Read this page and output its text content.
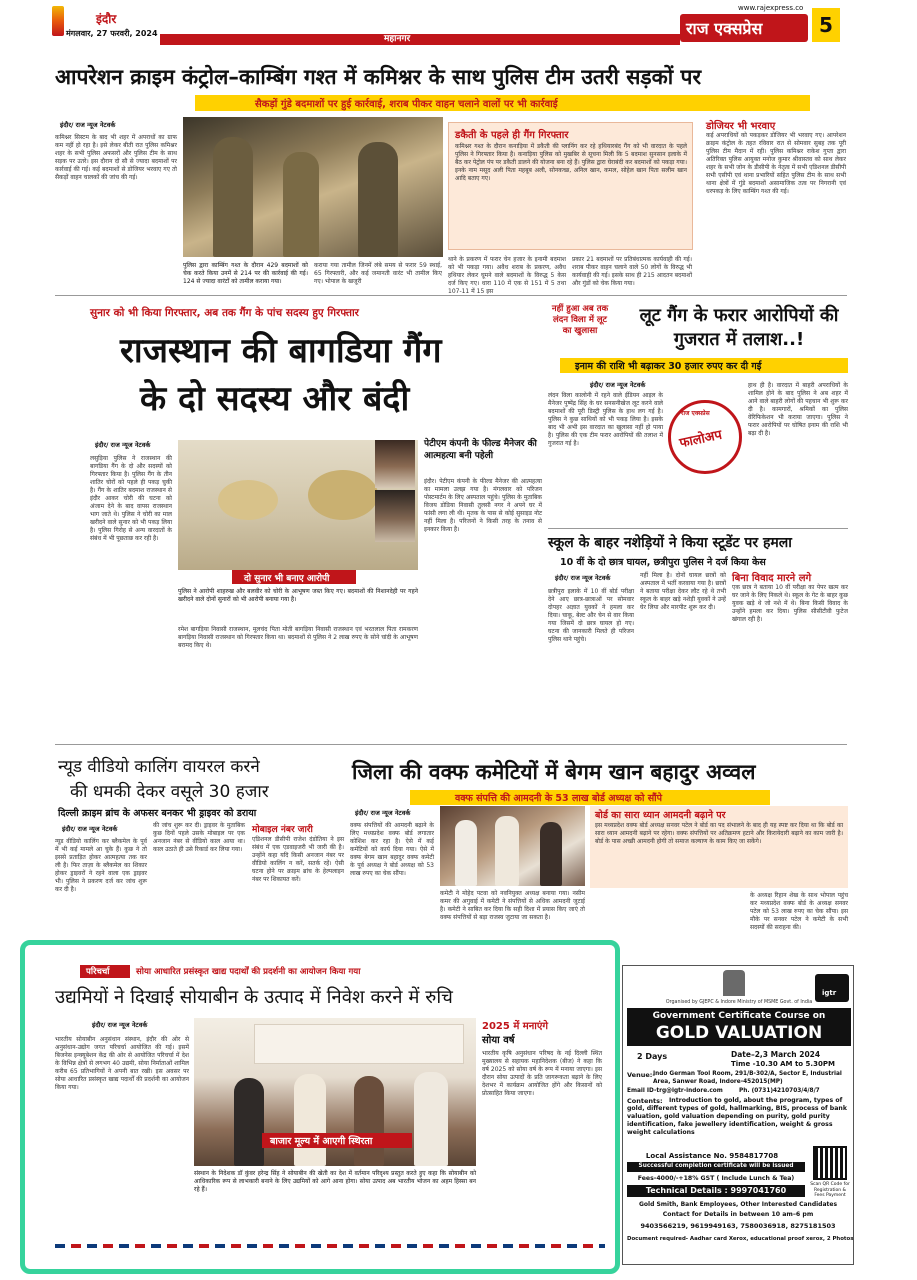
इंदौर
मंगलवार, 27 फरवरी, 2024
महानगर
www.rajexpress.co
राज एक्सप्रेस	5
आपरेशन क्राइम कंट्रोल–काम्बिंग गश्त में कमिश्नर के साथ पुलिस टीम उतरी सड़कों पर
सैकड़ों गुंडे बदमाशों पर हुई कार्रवाई, शराब पीकर वाहन चलाने वालों पर भी कार्रवाई
इंदौर/ राज न्यूज नेटवर्क
कमिश्नर सिस्टम के बाद भी शहर में अपराधों का ग्राफ कम नहीं हो रहा है। इसे लेकर बीती रात पुलिस कमिश्नर शहर के सभी पुलिस अफसरों और पुलिस टीम के साथ सड़क पर उतरे। इस दौरान दो सौ से ज्यादा बदमाशों पर कार्रवाई की गई। कई बदमाशों से डोजियर भरवाए गए तो सैकड़ों वाहन चालकों की जांच की गई।
पुलिस द्वारा काम्बिंग गश्त के दौरान 429 बदमाशों को चेक करते किया उनमें से 214 पर की कार्रवाई की गई। 124 से ज्यादा वारंटों को तामील कराया गया।
कराया गया तामील जिनमें लंबे समय से फरार 59 स्थाई, 65 गिरफ्तारी, और कई जमानती वारंट भी तामील किए गए। भोपाल के खजूरी
डकैती के पहले ही गैंग गिरफ्तार
कमिश्नर गश्त के दौरान कनाड़िया में डकैती की प्लानिंग कर रहे हथियारबंद गैंग को भी वारदात के पहले पुलिस ने गिरफ्तार किया है। कनाड़िया पुलिस को मुखबिर से सूचना मिली कि 5 बदमाश सुनसान इलाके में बैठ कर पेट्रोल पंप पर डकैती डालने की योजना बना रहे हैं। पुलिस द्वारा घेराबंदी कर बदमाशों को पकड़ा गया। इनके नाम मसूद अली पिता महबूब अली, सोनकच्छ, अनिल खान, कमल, सोहेल खान पिता सलीम खान आदि बताए गए।
थाने के प्रकरण में फरार चेन हजार के इनामी बदमाश को भी पकड़ा गया। अवैध शराब के प्रकरण, अवैध हथियार लेकर घूमने वाले बदमाशों के विरुद्ध 5 केस दर्ज किए गए। धारा 110 में एक से 151 में 5 तथा 107-11 में 15 इस
प्रकार 21 बदमाशों पर प्रतिबंधात्मक कार्यवाही की गई। शराब पीकर वाहन चलाने वाले 50 लोगों के विरुद्ध भी कार्यवाही की गई। इसके साथ ही 215 आदतन बदमाशों और गुंडों को चेक किया गया।
डोजियर भी भरवाए
कई अपराधियों को पकड़कर डोजियर भी भरवाए गए। आपरेशन क्राइम कंट्रोल के तहत रविवार रात से सोमवार सुबह तक पूरी पुलिस टीम मैदान में रही। पुलिस कमिश्नर राकेश गुप्ता द्वारा अतिरिक्त पुलिस आयुक्त मनोज कुमार श्रीवास्तव को साथ लेकर शहर के सभी जोन के डीसीपी के नेतृत्व में सभी एडिशनल डीसीपी सभी एसीपी एवं थाना प्रभारियों सहित पुलिस टीम के साथ सभी थाना क्षेत्रों में गुंडे बदमाशों असामाजिक तत्व पर निगरानी एवं धरपकड़ के लिए काम्बिंग गश्त की गई।
सुनार को भी किया गिरफ्तार, अब तक गैंग के पांच सदस्य हुए गिरफ्तार
राजस्थान की बागडिया गैंग
के दो सदस्य और बंदी
इंदौर/ राज न्यूज नेटवर्क
लसुड़िया पुलिस ने राजस्थान की बागडिया गैंग के दो और सदस्यों को गिरफ्तार किया है। पुलिस गैंग के तीन शातिर चोरों को पहले ही पकड़ चुकी है। गैंग के शातिर बदमाश राजस्थान से इंदौर आकर चोरी की घटना को अंजाम देने के बाद वापस राजस्थान भाग जाते थे। पुलिस ने चोरी का माल खरीदने वाले सुनार को भी पकड़ लिया है। पुलिस गिरोह से अन्य वारदातों के संबंध में भी पूछताछ कर रही है।
दो सुनार भी बनाए आरोपी
पुलिस ने आरोपी शाहरुख और बलवीर को चोरी के आभूषण जब्त किए गए। बदमाशों की निशानदेही पर गहने खरीदने वाले दोनों सुनारों को भी आरोपी बनाया गया है।
रमेश बागड़िया निवासी राजस्थान, मूलचंद पिता मोती बागड़िया निवासी राजस्थान एवं भरतलाल पिता रामकरण बागड़िया निवासी राजस्थान को गिरफ्तार किया था। बदमाशों से पुलिस ने 2 लाख रुपए के सोने चांदी के आभूषण बरामद किए थे।
पेटीएम कंपनी के फील्ड मैनेजर की आत्महत्या बनी पहेली
इंदौर। पेटीएम कंपनी के फील्ड मैनेजर की आत्महत्या का मामला उलझ गया है। मंगलवार को परिजन पोस्टमार्टम के लिए अस्पताल पहुंचे। पुलिस के मुताबिक विजय डोडिया निवासी तुलसी नगर ने अपने घर में फांसी लगा ली थी। मृतक के पास से कोई सुसाइड नोट नहीं मिला है। परिजनों ने किसी तरह के तनाव से इनकार किया है।
नहीं हुआ अब तक लंदन विला में लूट का खुलासा
लूट गैंग के फरार आरोपियों की गुजरात में तलाश..!
इनाम की राशि भी बढ़ाकर 30 हजार रुपए कर दी गई
इंदौर/ राज न्यूज नेटवर्क
राज एक्सप्रेस
फालोअप
लंदन विला कालोनी में रहने वाले ईडियन आइल के मैनेजर पुष्पेंद्र सिंह के घर सनसनीखेज लूट करने वाले बदमाशों की पूरी डिस्ट्री पुलिस के हाथ लग गई है। पुलिस ने कुछ साथियों को भी पकड़ लिया है। इसके बाद भी अभी इस वारदात का खुलासा नहीं हो पाया है। पुलिस की एक टीम फरार आरोपियों की तलाश में गुजरात गई है।
हाथ ही है। वारदात में बाहरी अपराधियों के शामिल होने के बाद पुलिस ने अब शहर में आने वाले बाहरी लोगों की पहचान भी शुरू कर दी है। कामगारों, श्रमिकों का पुलिस वेरिफिकेशन भी कराया जाएगा। पुलिस ने फरार आरोपियों पर घोषित इनाम की राशि भी बढ़ा दी है।
स्कूल के बाहर नशेड़ियों ने किया स्टूडेंट पर हमला
10 वीं के दो छात्र घायल, छत्रीपुरा पुलिस ने दर्ज किया केस
इंदौर/ राज न्यूज नेटवर्क
छत्रीपुरा इलाके में 10 वीं बोर्ड परीक्षा देने आए छात्र-छात्राओं पर सोमवार दोपहर अज्ञात युवकों ने हमला कर दिया। चाकू, बेल्ट और चेन से वार किया गया जिसमें दो छात्र घायल हो गए। घटना की जानकारी मिलते ही परिजन पुलिस थाने पहुंचे।
नहीं मिला है। दोनों घायल छात्रों को अस्पताल में भर्ती करवाया गया है। छात्रों ने बताया परीक्षा देकर लौट रहे थे तभी स्कूल के बाहर खड़े नशेड़ी युवकों ने उन्हें घेर लिया और मारपीट शुरू कर दी।
बिना विवाद मारने लगे
एक छात्र ने बताया 10 वीं परीक्षा का पेपर खत्म कर घर जाने के लिए निकले थे। स्कूल के गेट के बाहर कुछ युवक खड़े थे जो नशे में थे। बिना किसी विवाद के उन्होंने हमला कर दिया। पुलिस सीसीटीवी फुटेज खंगाल रही है।
न्यूड वीडियो कालिंग वायरल करने
की धमकी देकर वसूले 30 हजार
दिल्ली क्राइम ब्रांच के अफसर बनकर भी ड्राइवर को डराया
इंदौर/ राज न्यूज नेटवर्क
न्यूड वीडियो कालिंग कर ब्लैकमेल के पूर्व में भी कई मामले आ चुके हैं। कुछ ने तो इससे प्रताड़ित होकर आत्महत्या तक कर ली है। फिर ताज़ा के ब्लैकमेल का शिकार होकर ड्राइवरों ने रहने वाला एक ड्राइवर भी। पुलिस ने प्रकरण दर्ज कर जांच शुरू कर दी है।
की जांच शुरू कर दी। ड्राइवर के मुताबिक कुछ दिनों पहले उसके मोबाइल पर एक अनजान नंबर से वीडियो काल आया था। काल उठाते ही उसे रिकार्ड कर लिया गया।
मोबाइल नंबर जारी
एडिशनल डीसीपी राजेश दंडोतिया ने इस संबंध में एक एडवाइजरी भी जारी की है। उन्होंने कहा यदि किसी अनजान नंबर पर वीडियो कालिंग न करें, सतर्क रहें। ऐसी घटना होने पर क्राइम ब्रांच के हेल्पलाइन नंबर पर शिकायत करें।
जिला की वक्फ कमेटियों में बेगम खान बहादुर अव्वल
वक्फ संपत्ति की आमदनी के 53 लाख बोर्ड अध्यक्ष को सौंपे
इंदौर/ राज न्यूज नेटवर्क
वक्फ संपत्तियों की आमदनी बढ़ाने के लिए मध्यप्रदेश वक्फ बोर्ड लगातार कोशिश कर रहा है। ऐसे में कई कमेटियों को कार्य दिया गया। ऐसे में वक्फ बेगम खान बहादुर वक्फ कमेटी के पूर्व अध्यक्ष ने बोर्ड अध्यक्ष को 53 लाख रुपए का चेक सौंपा।
कमेटी ने मोहेद पटवा को नवनियुक्त अध्यक्ष बनाया गया। नसीम कमर की अगुवाई में कमेटी ने संपत्तियों से अधिक आमदनी जुटाई है। कमेटी ने साबित कर दिया कि सही दिशा में प्रयास किए जाएं तो वक्फ संपत्तियों से बड़ा राजस्व जुटाया जा सकता है।
बोर्ड का सारा ध्यान आमदनी बढ़ाने पर
इस मध्यप्रदेश वक्फ बोर्ड अध्यक्ष सनवर पटेल ने बोर्ड का पद संभालने के बाद ही यह स्पष्ट कर दिया था कि बोर्ड का सारा ध्यान आमदनी बढ़ाने पर रहेगा। वक्फ संपत्तियों पर अतिक्रमण हटाने और किरायेदारी बढ़ाने का काम जारी है। बोर्ड के पास अच्छी आमदनी होगी तो समाज कल्याण के काम किए जा सकेंगे।
के अध्यक्ष रिहान शेख के साथ भोपाल पहुंच कर मध्यप्रदेश वक्फ बोर्ड के अध्यक्ष सनवर पटेल को 53 लाख रुपए का चेक सौंपा। इस मौके पर सनवर पटेल ने कमेटी के सभी सदस्यों की सराहना की।
परिचर्चा	सोया आधारित प्रसंस्कृत खाद्य पदार्थों की प्रदर्शनी का आयोजन किया गया
उद्यमियों ने दिखाई सोयाबीन के उत्पाद में निवेश करने में रुचि
इंदौर/ राज न्यूज नेटवर्क
भारतीय सोयाबीन अनुसंधान संस्थान, इंदौर की ओर से अनुसंधान-उद्योग जगत परिचर्चा आयोजित की गई। इसमें बिजनेस इन्क्यूबेशन केंद्र की ओर से आयोजित परिचर्चा में देश के विभिन्न क्षेत्रों से लगभग 40 उद्यमी, सोया निर्माताओं शामिल करीब 65 प्रतिभागियों ने अपनी बात रखी। इस अवसर पर सोया आधारित प्रसंस्कृत खाद्य पदार्थों की प्रदर्शनी का आयोजन किया गया।
संस्थान के निदेशक डॉ कुंवर हरेन्द्र सिंह ने सोयाबीन की खेती का देश में वर्तमान परिदृश्य प्रस्तुत करते हुए कहा कि सोयाबीन को आधिकारिक रूप से लाभकारी बनाने के लिए उद्यमियों को आगे आना होगा। सोया उत्पाद अब भारतीय भोजन का अहम हिस्सा बन रहे हैं।
बाजार मूल्य में आएगी स्थिरता
2025 में मनाएंगे
सोया वर्ष
भारतीय कृषि अनुसंधान परिषद के नई दिल्ली स्थित मुख्यालय से सहायक महानिदेशक (बीज) ने कहा कि वर्ष 2025 को सोया वर्ष के रूप में मनाया जाएगा। इस दौरान सोया उत्पादों के प्रति जागरूकता बढ़ाने के लिए देशभर में कार्यक्रम आयोजित होंगे और किसानों को प्रोत्साहित किया जाएगा।
igtr
Organised by GJEPC & Indore Ministry of MSME Govt. of India
Government Certificate Course on
GOLD VALUATION
2 Days	Date–2,3 March 2024
Time -10.30 AM to 5.30PM
Venue:-
Indo German Tool Room, 291/B-302/A, Sector E, Industrial Area, Sanwer Road, Indore-452015(MP)
Email ID-trg@igtr-indore.com	Ph. (0731)4210703/4/8/7
Contents:	Introduction to gold, about the program, types of gold, different types of gold, hallmarking, BIS, process of bank valuation, gold valuation depending on purity, gold purity identification, fake jewellery identification, weight & gross weight calculations
Local Assistance No. 9584817708
Scan QR Code for Registration & Fees Payment
Successful completion certificate will be issued
Fees-4000/-+18% GST ( Include Lunch & Tea)
Technical Details : 9997041760
Gold Smith, Bank Employees, Other Interested Candidates
Contact for Details in between 10 am–6 pm
9403566219, 9619949163, 7580036918, 8275181503
Document required- Aadhar card Xerox, educational proof xerox, 2 Photos
